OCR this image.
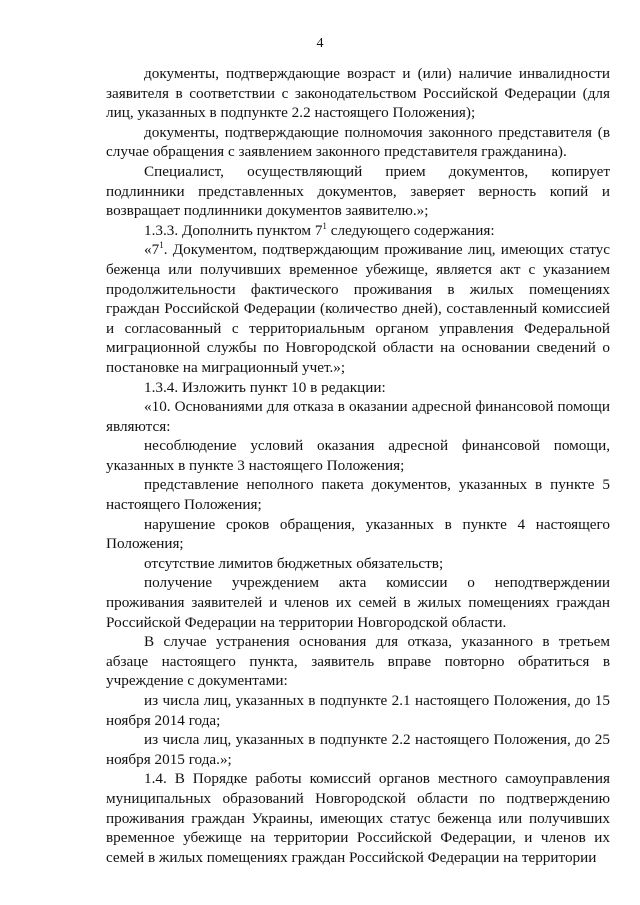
4

документы, подтверждающие возраст и (или) наличие инвалидности заявителя в соответствии с законодательством Российской Федерации (для лиц, указанных в подпункте 2.2 настоящего Положения);

документы, подтверждающие полномочия законного представителя (в случае обращения с заявлением законного представителя гражданина).

Специалист, осуществляющий прием документов, копирует подлинники представленных документов, заверяет верность копий и возвращает подлинники документов заявителю.»;

1.3.3. Дополнить пунктом $7^1$ следующего содержания:

«$7^1$. Документом, подтверждающим проживание лиц, имеющих статус беженца или получивших временное убежище, является акт с указанием продолжительности фактического проживания в жилых помещениях граждан Российской Федерации (количество дней), составленный комиссией и согласованный с территориальным органом управления Федеральной миграционной службы по Новгородской области на основании сведений о постановке на миграционный учет.»;

1.3.4. Изложить пункт 10 в редакции:

«10. Основаниями для отказа в оказании адресной финансовой помощи являются:

несоблюдение условий оказания адресной финансовой помощи, указанных в пункте 3 настоящего Положения;

представление неполного пакета документов, указанных в пункте 5 настоящего Положения;

нарушение сроков обращения, указанных в пункте 4 настоящего Положения;

отсутствие лимитов бюджетных обязательств;

получение учреждением акта комиссии о неподтверждении проживания заявителей и членов их семей в жилых помещениях граждан Российской Федерации на территории Новгородской области.

В случае устранения основания для отказа, указанного в третьем абзаце настоящего пункта, заявитель вправе повторно обратиться в учреждение с документами:

из числа лиц, указанных в подпункте 2.1 настоящего Положения, до 15 ноября 2014 года;

из числа лиц, указанных в подпункте 2.2 настоящего Положения, до 25 ноября 2015 года.»;

1.4. В Порядке работы комиссий органов местного самоуправления муниципальных образований Новгородской области по подтверждению проживания граждан Украины, имеющих статус беженца или получивших временное убежище на территории Российской Федерации, и членов их семей в жилых помещениях граждан Российской Федерации на территории
